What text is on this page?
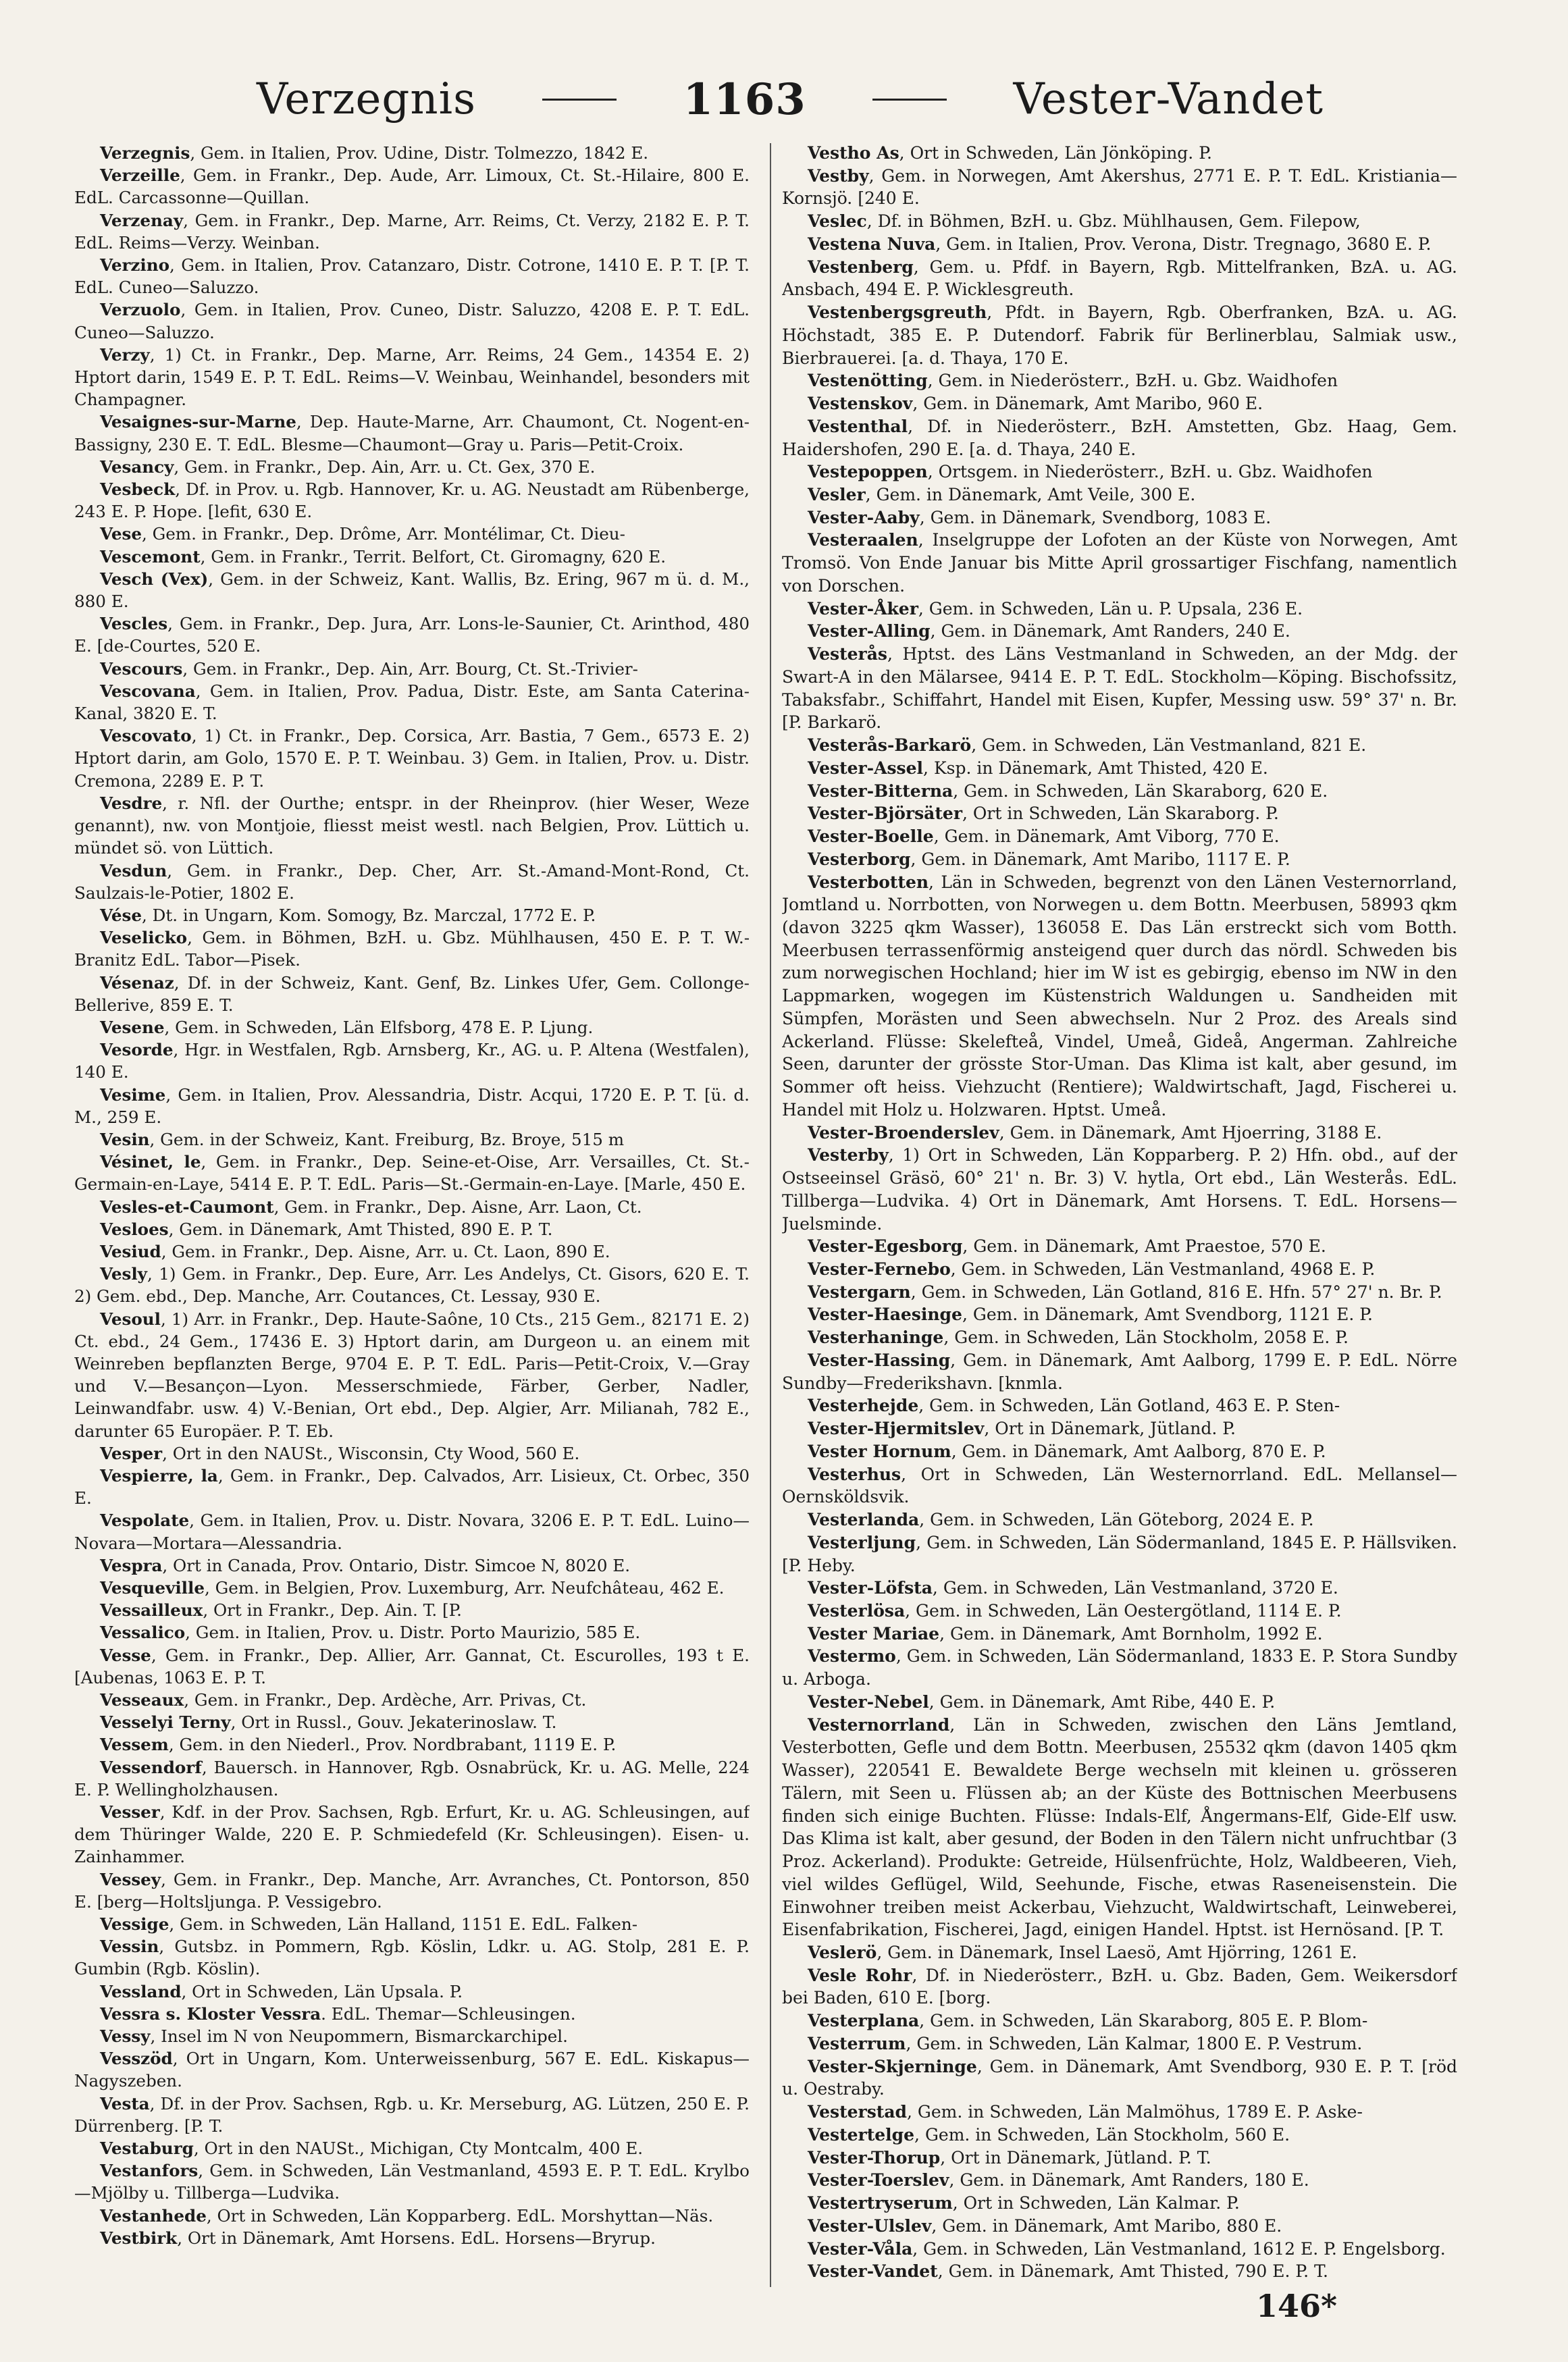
Verzegnis	1163	Vester-Vandet

Verzegnis, Gem. in Italien, Prov. Udine, Distr. Tolmezzo, 1842 E.

Verzeille, Gem. in Frankr., Dep. Aude, Arr. Limoux, Ct. St.-Hilaire, 800 E. EdL. Carcassonne—Quillan.

Verzenay, Gem. in Frankr., Dep. Marne, Arr. Reims, Ct. Verzy, 2182 E. P. T. EdL. Reims—Verzy. Weinban.

Verzino, Gem. in Italien, Prov. Catanzaro, Distr. Cotrone, 1410 E. P. T. [P. T. EdL. Cuneo—Saluzzo.

Verzuolo, Gem. in Italien, Prov. Cuneo, Distr. Saluzzo, 4208 E. P. T. EdL. Cuneo—Saluzzo.

Verzy, 1) Ct. in Frankr., Dep. Marne, Arr. Reims, 24 Gem., 14354 E. 2) Hptort darin, 1549 E. P. T. EdL. Reims—V. Weinbau, Weinhandel, besonders mit Champagner.

Vesaignes-sur-Marne, Dep. Haute-Marne, Arr. Chaumont, Ct. Nogent-en-Bassigny, 230 E. T. EdL. Blesme—Chaumont—Gray u. Paris—Petit-Croix.

Vesancy, Gem. in Frankr., Dep. Ain, Arr. u. Ct. Gex, 370 E.

Vesbeck, Df. in Prov. u. Rgb. Hannover, Kr. u. AG. Neustadt am Rübenberge, 243 E. P. Hope. [lefit, 630 E.

Vese, Gem. in Frankr., Dep. Drôme, Arr. Montélimar, Ct. Dieu-

Vescemont, Gem. in Frankr., Territ. Belfort, Ct. Giromagny, 620 E.

Vesch (Vex), Gem. in der Schweiz, Kant. Wallis, Bz. Ering, 967 m ü. d. M., 880 E.

Vescles, Gem. in Frankr., Dep. Jura, Arr. Lons-le-Saunier, Ct. Arinthod, 480 E. [de-Courtes, 520 E.

Vescours, Gem. in Frankr., Dep. Ain, Arr. Bourg, Ct. St.-Trivier-

Vescovana, Gem. in Italien, Prov. Padua, Distr. Este, am Santa Caterina-Kanal, 3820 E. T.

Vescovato, 1) Ct. in Frankr., Dep. Corsica, Arr. Bastia, 7 Gem., 6573 E. 2) Hptort darin, am Golo, 1570 E. P. T. Weinbau. 3) Gem. in Italien, Prov. u. Distr. Cremona, 2289 E. P. T.

Vesdre, r. Nfl. der Ourthe; entspr. in der Rheinprov. (hier Weser, Weze genannt), nw. von Montjoie, fliesst meist westl. nach Belgien, Prov. Lüttich u. mündet sö. von Lüttich.

Vesdun, Gem. in Frankr., Dep. Cher, Arr. St.-Amand-Mont-Rond, Ct. Saulzais-le-Potier, 1802 E.

Vése, Dt. in Ungarn, Kom. Somogy, Bz. Marczal, 1772 E. P.

Veselicko, Gem. in Böhmen, BzH. u. Gbz. Mühlhausen, 450 E. P. T. W.-Branitz EdL. Tabor—Pisek.

Vésenaz, Df. in der Schweiz, Kant. Genf, Bz. Linkes Ufer, Gem. Collonge-Bellerive, 859 E. T.

Vesene, Gem. in Schweden, Län Elfsborg, 478 E. P. Ljung.

Vesorde, Hgr. in Westfalen, Rgb. Arnsberg, Kr., AG. u. P. Altena (Westfalen), 140 E.

Vesime, Gem. in Italien, Prov. Alessandria, Distr. Acqui, 1720 E. P. T. [ü. d. M., 259 E.

Vesin, Gem. in der Schweiz, Kant. Freiburg, Bz. Broye, 515 m

Vésinet, le, Gem. in Frankr., Dep. Seine-et-Oise, Arr. Versailles, Ct. St.-Germain-en-Laye, 5414 E. P. T. EdL. Paris—St.-Germain-en-Laye. [Marle, 450 E.

Vesles-et-Caumont, Gem. in Frankr., Dep. Aisne, Arr. Laon, Ct.

Vesloes, Gem. in Dänemark, Amt Thisted, 890 E. P. T.

Vesiud, Gem. in Frankr., Dep. Aisne, Arr. u. Ct. Laon, 890 E.

Vesly, 1) Gem. in Frankr., Dep. Eure, Arr. Les Andelys, Ct. Gisors, 620 E. T. 2) Gem. ebd., Dep. Manche, Arr. Coutances, Ct. Lessay, 930 E.

Vesoul, 1) Arr. in Frankr., Dep. Haute-Saône, 10 Cts., 215 Gem., 82171 E. 2) Ct. ebd., 24 Gem., 17436 E. 3) Hptort darin, am Durgeon u. an einem mit Weinreben bepflanzten Berge, 9704 E. P. T. EdL. Paris—Petit-Croix, V.—Gray und V.—Besançon—Lyon. Messerschmiede, Färber, Gerber, Nadler, Leinwandfabr. usw. 4) V.-Benian, Ort ebd., Dep. Algier, Arr. Milianah, 782 E., darunter 65 Europäer. P. T. Eb.

Vesper, Ort in den NAUSt., Wisconsin, Cty Wood, 560 E.

Vespierre, la, Gem. in Frankr., Dep. Calvados, Arr. Lisieux, Ct. Orbec, 350 E.

Vespolate, Gem. in Italien, Prov. u. Distr. Novara, 3206 E. P. T. EdL. Luino—Novara—Mortara—Alessandria.

Vespra, Ort in Canada, Prov. Ontario, Distr. Simcoe N, 8020 E.

Vesqueville, Gem. in Belgien, Prov. Luxemburg, Arr. Neufchâteau, 462 E.

Vessailleux, Ort in Frankr., Dep. Ain. T. [P.

Vessalico, Gem. in Italien, Prov. u. Distr. Porto Maurizio, 585 E.

Vesse, Gem. in Frankr., Dep. Allier, Arr. Gannat, Ct. Escurolles, 193 t E. [Aubenas, 1063 E. P. T.

Vesseaux, Gem. in Frankr., Dep. Ardèche, Arr. Privas, Ct.

Vesselyi Terny, Ort in Russl., Gouv. Jekaterinoslaw. T.

Vessem, Gem. in den Niederl., Prov. Nordbrabant, 1119 E. P.

Vessendorf, Bauersch. in Hannover, Rgb. Osnabrück, Kr. u. AG. Melle, 224 E. P. Wellingholzhausen.

Vesser, Kdf. in der Prov. Sachsen, Rgb. Erfurt, Kr. u. AG. Schleusingen, auf dem Thüringer Walde, 220 E. P. Schmiedefeld (Kr. Schleusingen). Eisen- u. Zainhammer.

Vessey, Gem. in Frankr., Dep. Manche, Arr. Avranches, Ct. Pontorson, 850 E. [berg—Holtsljunga. P. Vessigebro.

Vessige, Gem. in Schweden, Län Halland, 1151 E. EdL. Falken-

Vessin, Gutsbz. in Pommern, Rgb. Köslin, Ldkr. u. AG. Stolp, 281 E. P. Gumbin (Rgb. Köslin).

Vessland, Ort in Schweden, Län Upsala. P.

Vessra s. Kloster Vessra. EdL. Themar—Schleusingen.

Vessy, Insel im N von Neupommern, Bismarckarchipel.

Vesszöd, Ort in Ungarn, Kom. Unterweissenburg, 567 E. EdL. Kiskapus—Nagyszeben.

Vesta, Df. in der Prov. Sachsen, Rgb. u. Kr. Merseburg, AG. Lützen, 250 E. P. Dürrenberg. [P. T.

Vestaburg, Ort in den NAUSt., Michigan, Cty Montcalm, 400 E.

Vestanfors, Gem. in Schweden, Län Vestmanland, 4593 E. P. T. EdL. Krylbo—Mjölby u. Tillberga—Ludvika.

Vestanhede, Ort in Schweden, Län Kopparberg. EdL. Morshyttan—Näs.

Vestbirk, Ort in Dänemark, Amt Horsens. EdL. Horsens—Bryrup.

Vestho As, Ort in Schweden, Län Jönköping. P.

Vestby, Gem. in Norwegen, Amt Akershus, 2771 E. P. T. EdL. Kristiania—Kornsjö. [240 E.

Veslec, Df. in Böhmen, BzH. u. Gbz. Mühlhausen, Gem. Filepow,

Vestena Nuva, Gem. in Italien, Prov. Verona, Distr. Tregnago, 3680 E. P.

Vestenberg, Gem. u. Pfdf. in Bayern, Rgb. Mittelfranken, BzA. u. AG. Ansbach, 494 E. P. Wicklesgreuth.

Vestenbergsgreuth, Pfdt. in Bayern, Rgb. Oberfranken, BzA. u. AG. Höchstadt, 385 E. P. Dutendorf. Fabrik für Berlinerblau, Salmiak usw., Bierbrauerei. [a. d. Thaya, 170 E.

Vestenötting, Gem. in Niederösterr., BzH. u. Gbz. Waidhofen

Vestenskov, Gem. in Dänemark, Amt Maribo, 960 E.

Vestenthal, Df. in Niederösterr., BzH. Amstetten, Gbz. Haag, Gem. Haidershofen, 290 E. [a. d. Thaya, 240 E.

Vestepoppen, Ortsgem. in Niederösterr., BzH. u. Gbz. Waidhofen

Vesler, Gem. in Dänemark, Amt Veile, 300 E.

Vester-Aaby, Gem. in Dänemark, Svendborg, 1083 E.

Vesteraalen, Inselgruppe der Lofoten an der Küste von Norwegen, Amt Tromsö. Von Ende Januar bis Mitte April grossartiger Fischfang, namentlich von Dorschen.

Vester-Åker, Gem. in Schweden, Län u. P. Upsala, 236 E.

Vester-Alling, Gem. in Dänemark, Amt Randers, 240 E.

Vesterås, Hptst. des Läns Vestmanland in Schweden, an der Mdg. der Swart-A in den Mälarsee, 9414 E. P. T. EdL. Stockholm—Köping. Bischofssitz, Tabaksfabr., Schiffahrt, Handel mit Eisen, Kupfer, Messing usw. 59° 37' n. Br. [P. Barkarö.

Vesterås-Barkarö, Gem. in Schweden, Län Vestmanland, 821 E.

Vester-Assel, Ksp. in Dänemark, Amt Thisted, 420 E.

Vester-Bitterna, Gem. in Schweden, Län Skaraborg, 620 E.

Vester-Björsäter, Ort in Schweden, Län Skaraborg. P.

Vester-Boelle, Gem. in Dänemark, Amt Viborg, 770 E.

Vesterborg, Gem. in Dänemark, Amt Maribo, 1117 E. P.

Vesterbotten, Län in Schweden, begrenzt von den Länen Vesternorrland, Jomtland u. Norrbotten, von Norwegen u. dem Bottn. Meerbusen, 58993 qkm (davon 3225 qkm Wasser), 136058 E. Das Län erstreckt sich vom Botth. Meerbusen terrassenförmig ansteigend quer durch das nördl. Schweden bis zum norwegischen Hochland; hier im W ist es gebirgig, ebenso im NW in den Lappmarken, wogegen im Küstenstrich Waldungen u. Sandheiden mit Sümpfen, Morästen und Seen abwechseln. Nur 2 Proz. des Areals sind Ackerland. Flüsse: Skelefteå, Vindel, Umeå, Gideå, Angerman. Zahlreiche Seen, darunter der grösste Stor-Uman. Das Klima ist kalt, aber gesund, im Sommer oft heiss. Viehzucht (Rentiere); Waldwirtschaft, Jagd, Fischerei u. Handel mit Holz u. Holzwaren. Hptst. Umeå.

Vester-Broenderslev, Gem. in Dänemark, Amt Hjoerring, 3188 E.

Vesterby, 1) Ort in Schweden, Län Kopparberg. P. 2) Hfn. obd., auf der Ostseeinsel Gräsö, 60° 21' n. Br. 3) V. hytla, Ort ebd., Län Westerås. EdL. Tillberga—Ludvika. 4) Ort in Dänemark, Amt Horsens. T. EdL. Horsens—Juelsminde.

Vester-Egesborg, Gem. in Dänemark, Amt Praestoe, 570 E.

Vester-Fernebo, Gem. in Schweden, Län Vestmanland, 4968 E. P.

Vestergarn, Gem. in Schweden, Län Gotland, 816 E. Hfn. 57° 27' n. Br. P.

Vester-Haesinge, Gem. in Dänemark, Amt Svendborg, 1121 E. P.

Vesterhaninge, Gem. in Schweden, Län Stockholm, 2058 E. P.

Vester-Hassing, Gem. in Dänemark, Amt Aalborg, 1799 E. P. EdL. Nörre Sundby—Frederikshavn. [knmla.

Vesterhejde, Gem. in Schweden, Län Gotland, 463 E. P. Sten-

Vester-Hjermitslev, Ort in Dänemark, Jütland. P.

Vester Hornum, Gem. in Dänemark, Amt Aalborg, 870 E. P.

Vesterhus, Ort in Schweden, Län Westernorrland. EdL. Mellansel—Oernsköldsvik.

Vesterlanda, Gem. in Schweden, Län Göteborg, 2024 E. P.

Vesterljung, Gem. in Schweden, Län Södermanland, 1845 E. P. Hällsviken. [P. Heby.

Vester-Löfsta, Gem. in Schweden, Län Vestmanland, 3720 E.

Vesterlösa, Gem. in Schweden, Län Oestergötland, 1114 E. P.

Vester Mariae, Gem. in Dänemark, Amt Bornholm, 1992 E.

Vestermo, Gem. in Schweden, Län Södermanland, 1833 E. P. Stora Sundby u. Arboga.

Vester-Nebel, Gem. in Dänemark, Amt Ribe, 440 E. P.

Vesternorrland, Län in Schweden, zwischen den Läns Jemtland, Vesterbotten, Gefle und dem Bottn. Meerbusen, 25532 qkm (davon 1405 qkm Wasser), 220541 E. Bewaldete Berge wechseln mit kleinen u. grösseren Tälern, mit Seen u. Flüssen ab; an der Küste des Bottnischen Meerbusens finden sich einige Buchten. Flüsse: Indals-Elf, Ångermans-Elf, Gide-Elf usw. Das Klima ist kalt, aber gesund, der Boden in den Tälern nicht unfruchtbar (3 Proz. Ackerland). Produkte: Getreide, Hülsenfrüchte, Holz, Waldbeeren, Vieh, viel wildes Geflügel, Wild, Seehunde, Fische, etwas Raseneisenstein. Die Einwohner treiben meist Ackerbau, Viehzucht, Waldwirtschaft, Leinweberei, Eisenfabrikation, Fischerei, Jagd, einigen Handel. Hptst. ist Hernösand. [P. T.

Veslerö, Gem. in Dänemark, Insel Laesö, Amt Hjörring, 1261 E.

Vesle Rohr, Df. in Niederösterr., BzH. u. Gbz. Baden, Gem. Weikersdorf bei Baden, 610 E. [borg.

Vesterplana, Gem. in Schweden, Län Skaraborg, 805 E. P. Blom-

Vesterrum, Gem. in Schweden, Län Kalmar, 1800 E. P. Vestrum.

Vester-Skjerninge, Gem. in Dänemark, Amt Svendborg, 930 E. P. T. [röd u. Oestraby.

Vesterstad, Gem. in Schweden, Län Malmöhus, 1789 E. P. Aske-

Vestertelge, Gem. in Schweden, Län Stockholm, 560 E.

Vester-Thorup, Ort in Dänemark, Jütland. P. T.

Vester-Toerslev, Gem. in Dänemark, Amt Randers, 180 E.

Vestertryserum, Ort in Schweden, Län Kalmar. P.

Vester-Ulslev, Gem. in Dänemark, Amt Maribo, 880 E.

Vester-Våla, Gem. in Schweden, Län Vestmanland, 1612 E. P. Engelsborg.

Vester-Vandet, Gem. in Dänemark, Amt Thisted, 790 E. P. T.

146*
